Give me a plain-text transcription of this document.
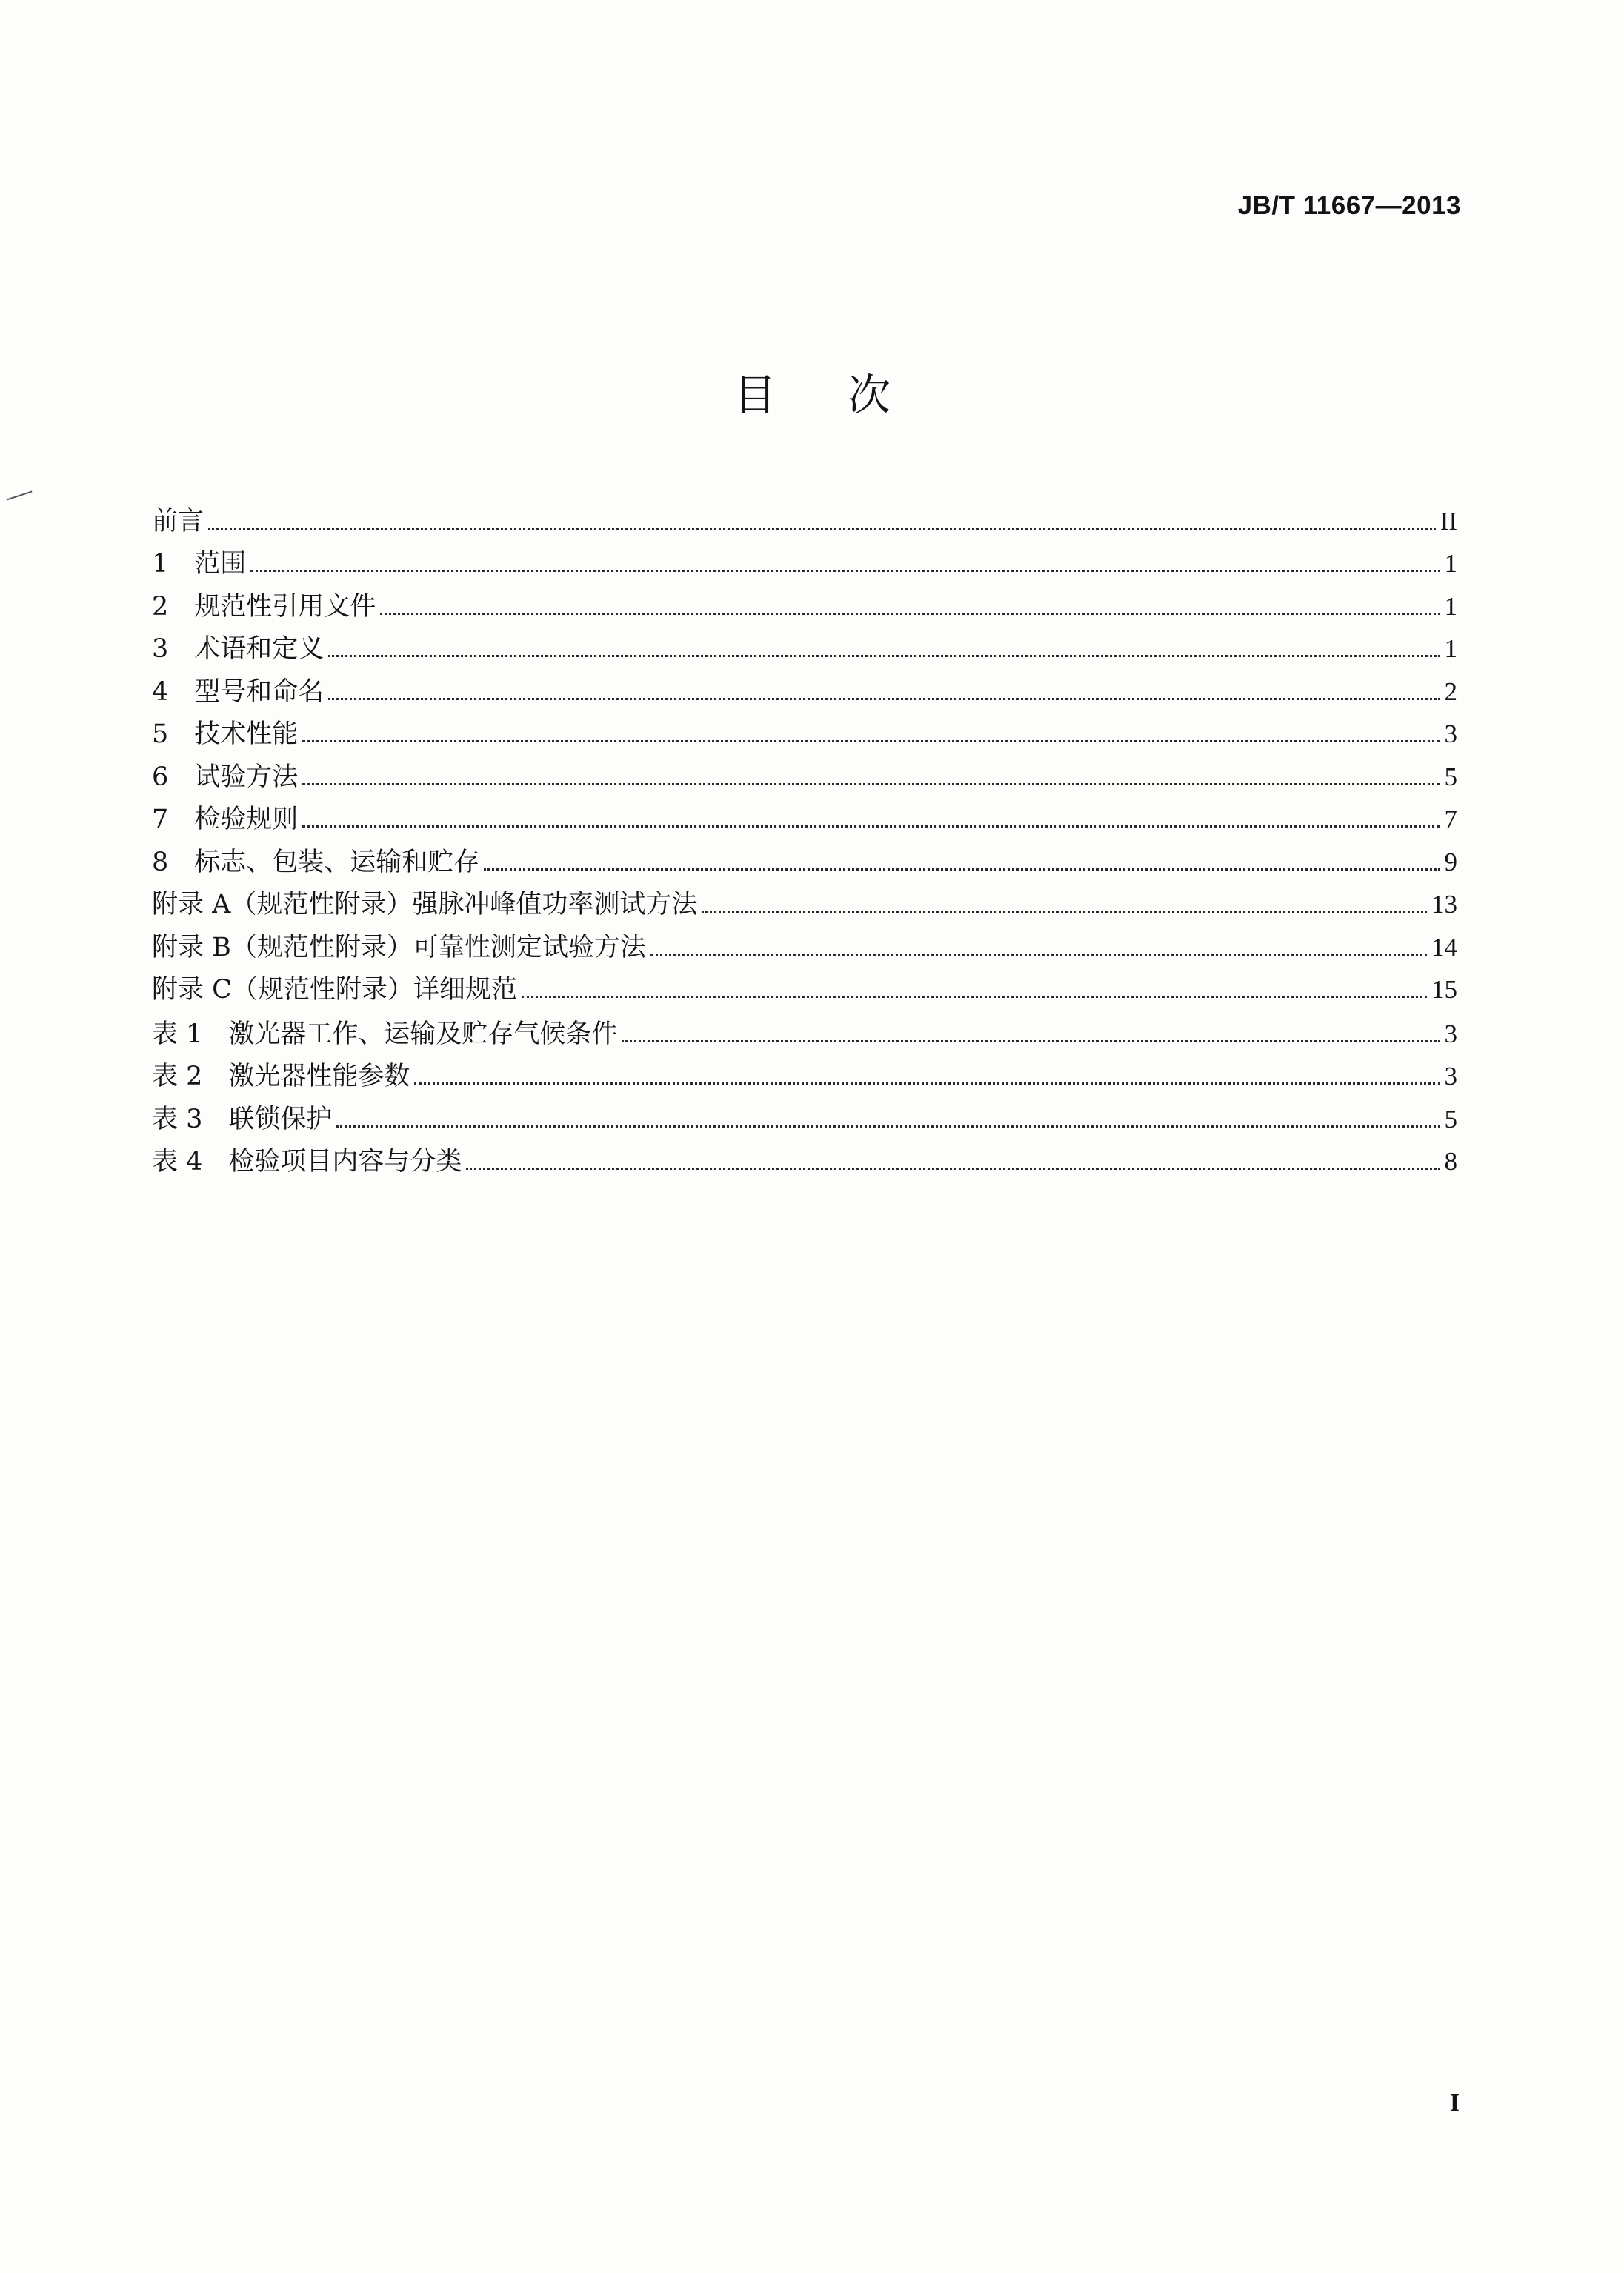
JB/T 11667—2013
目次
前言	II
1　范围	1
2　规范性引用文件	1
3　术语和定义	1
4　型号和命名	2
5　技术性能	3
6　试验方法	5
7　检验规则	7
8　标志、包装、运输和贮存	9
附录 A（规范性附录）强脉冲峰值功率测试方法	13
附录 B（规范性附录）可靠性测定试验方法	14
附录 C（规范性附录）详细规范	15
表 1　激光器工作、运输及贮存气候条件	3
表 2　激光器性能参数	3
表 3　联锁保护	5
表 4　检验项目内容与分类	8
I
